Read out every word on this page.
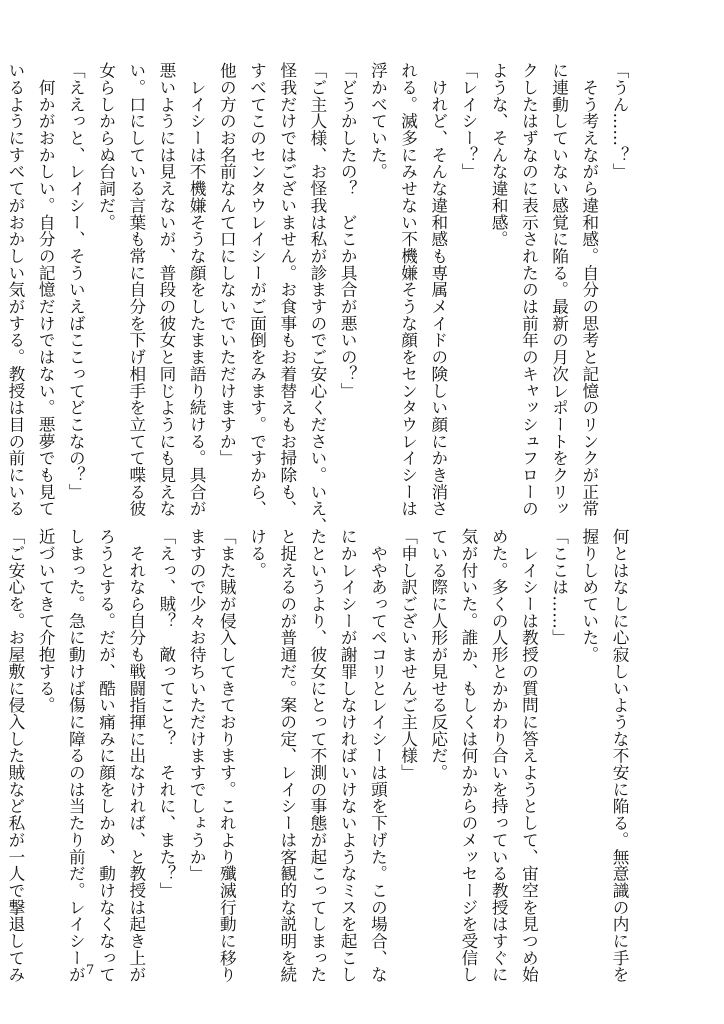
「うん……？」
　そう考えながら違和感。自分の思考と記憶のリンクが正常
に連動していない感覚に陥る。最新の月次レポートをクリッ
クしたはずなのに表示されたのは前年のキャッシュフローの
ような、そんな違和感。
「レイシー？」
　けれど、そんな違和感も専属メイドの険しい顔にかき消さ
れる。滅多にみせない不機嫌そうな顔をセンタウレイシーは
浮かべていた。
「どうかしたの？　どこか具合が悪いの？」
「ご主人様、お怪我は私が診ますのでご安心ください。いえ、
怪我だけではございません。お食事もお着替えもお掃除も、
すべてこのセンタウレイシーがご面倒をみます。ですから、
他の方のお名前なんて口にしないでいただけますか」
　レイシーは不機嫌そうな顔をしたまま語り続ける。具合が
悪いようには見えないが、普段の彼女と同じようにも見えな
い。口にしている言葉も常に自分を下げ相手を立てて喋る彼
女らしからぬ台詞だ。
「ええっと、レイシー、そういえばここってどこなの？」
　何かがおかしい。自分の記憶だけではない。悪夢でも見て
いるようにすべてがおかしい気がする。教授は目の前にいる
何とはなしに心寂しいような不安に陥る。無意識の内に手を
握りしめていた。
「ここは……」
　レイシーは教授の質問に答えようとして、宙空を見つめ始
めた。多くの人形とかかわり合いを持っている教授はすぐに
気が付いた。誰か、もしくは何かからのメッセージを受信し
ている際に人形が見せる反応だ。
「申し訳ございませんご主人様」
　ややあってペコリとレイシーは頭を下げた。この場合、な
にかレイシーが謝罪しなければいけないようなミスを起こし
たというより、彼女にとって不測の事態が起こってしまった
と捉えるのが普通だ。案の定、レイシーは客観的な説明を続
ける。
「また賊が侵入してきております。これより殲滅行動に移り
ますので少々お待ちいただけますでしょうか」
「えっ、賊？　敵ってこと？　それに、また？」
　それなら自分も戦闘指揮に出なければ、と教授は起き上が
ろうとする。だが、酷い痛みに顔をしかめ、動けなくなって
しまった。急に動けば傷に障るのは当たり前だ。レイシーが
近づいてきて介抱する。
「ご安心を。お屋敷に侵入した賊など私が一人で撃退してみ	7
